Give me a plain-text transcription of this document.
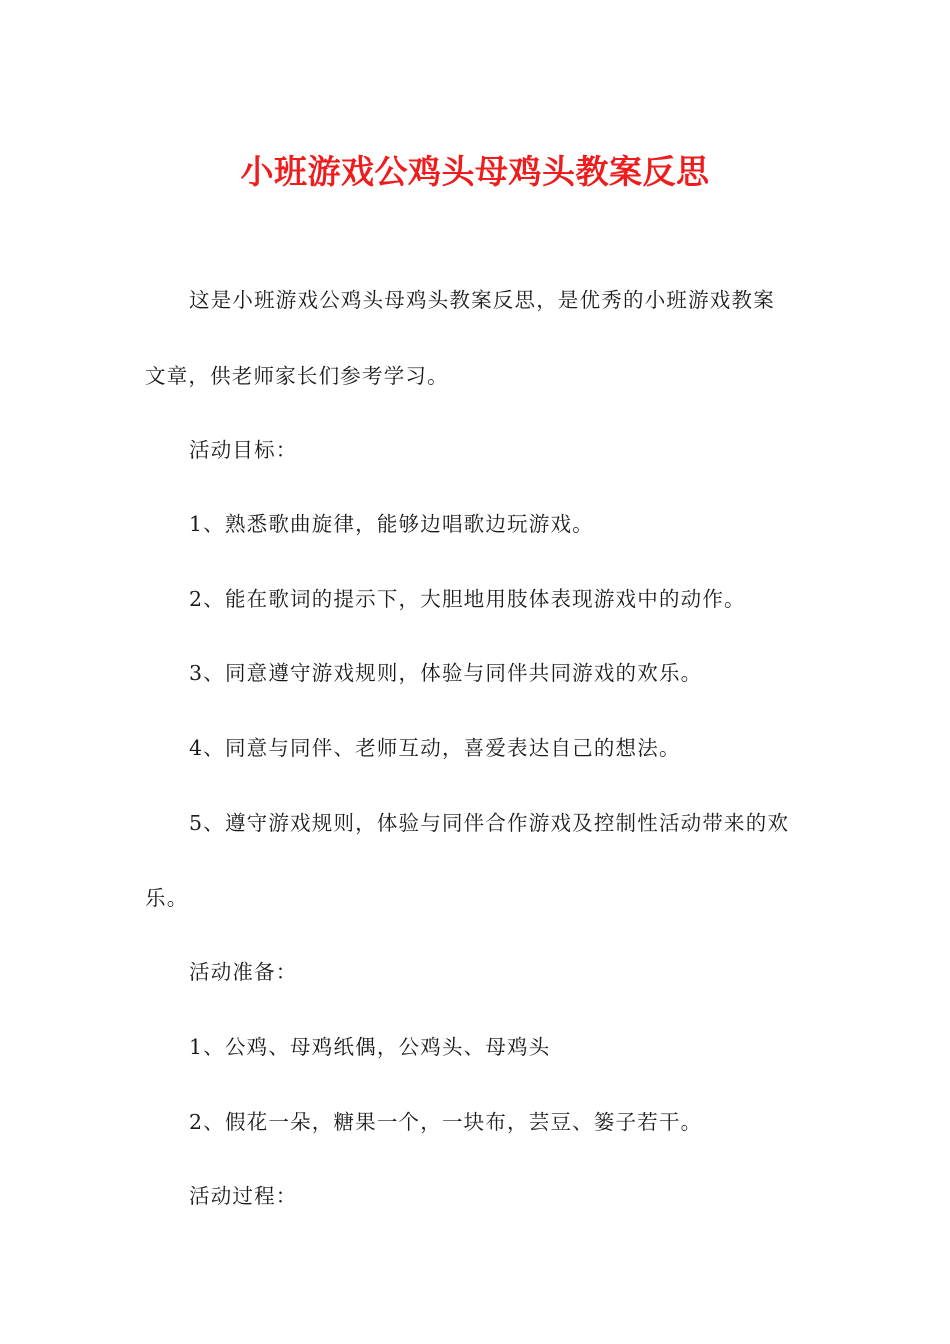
小班游戏公鸡头母鸡头教案反思

这是小班游戏公鸡头母鸡头教案反思，是优秀的小班游戏教案

文章，供老师家长们参考学习。

活动目标：

1、熟悉歌曲旋律，能够边唱歌边玩游戏。

2、能在歌词的提示下，大胆地用肢体表现游戏中的动作。

3、同意遵守游戏规则，体验与同伴共同游戏的欢乐。

4、同意与同伴、老师互动，喜爱表达自己的想法。

5、遵守游戏规则，体验与同伴合作游戏及控制性活动带来的欢

乐。

活动准备：

1、公鸡、母鸡纸偶，公鸡头、母鸡头

2、假花一朵，糖果一个，一块布，芸豆、篓子若干。

活动过程：
